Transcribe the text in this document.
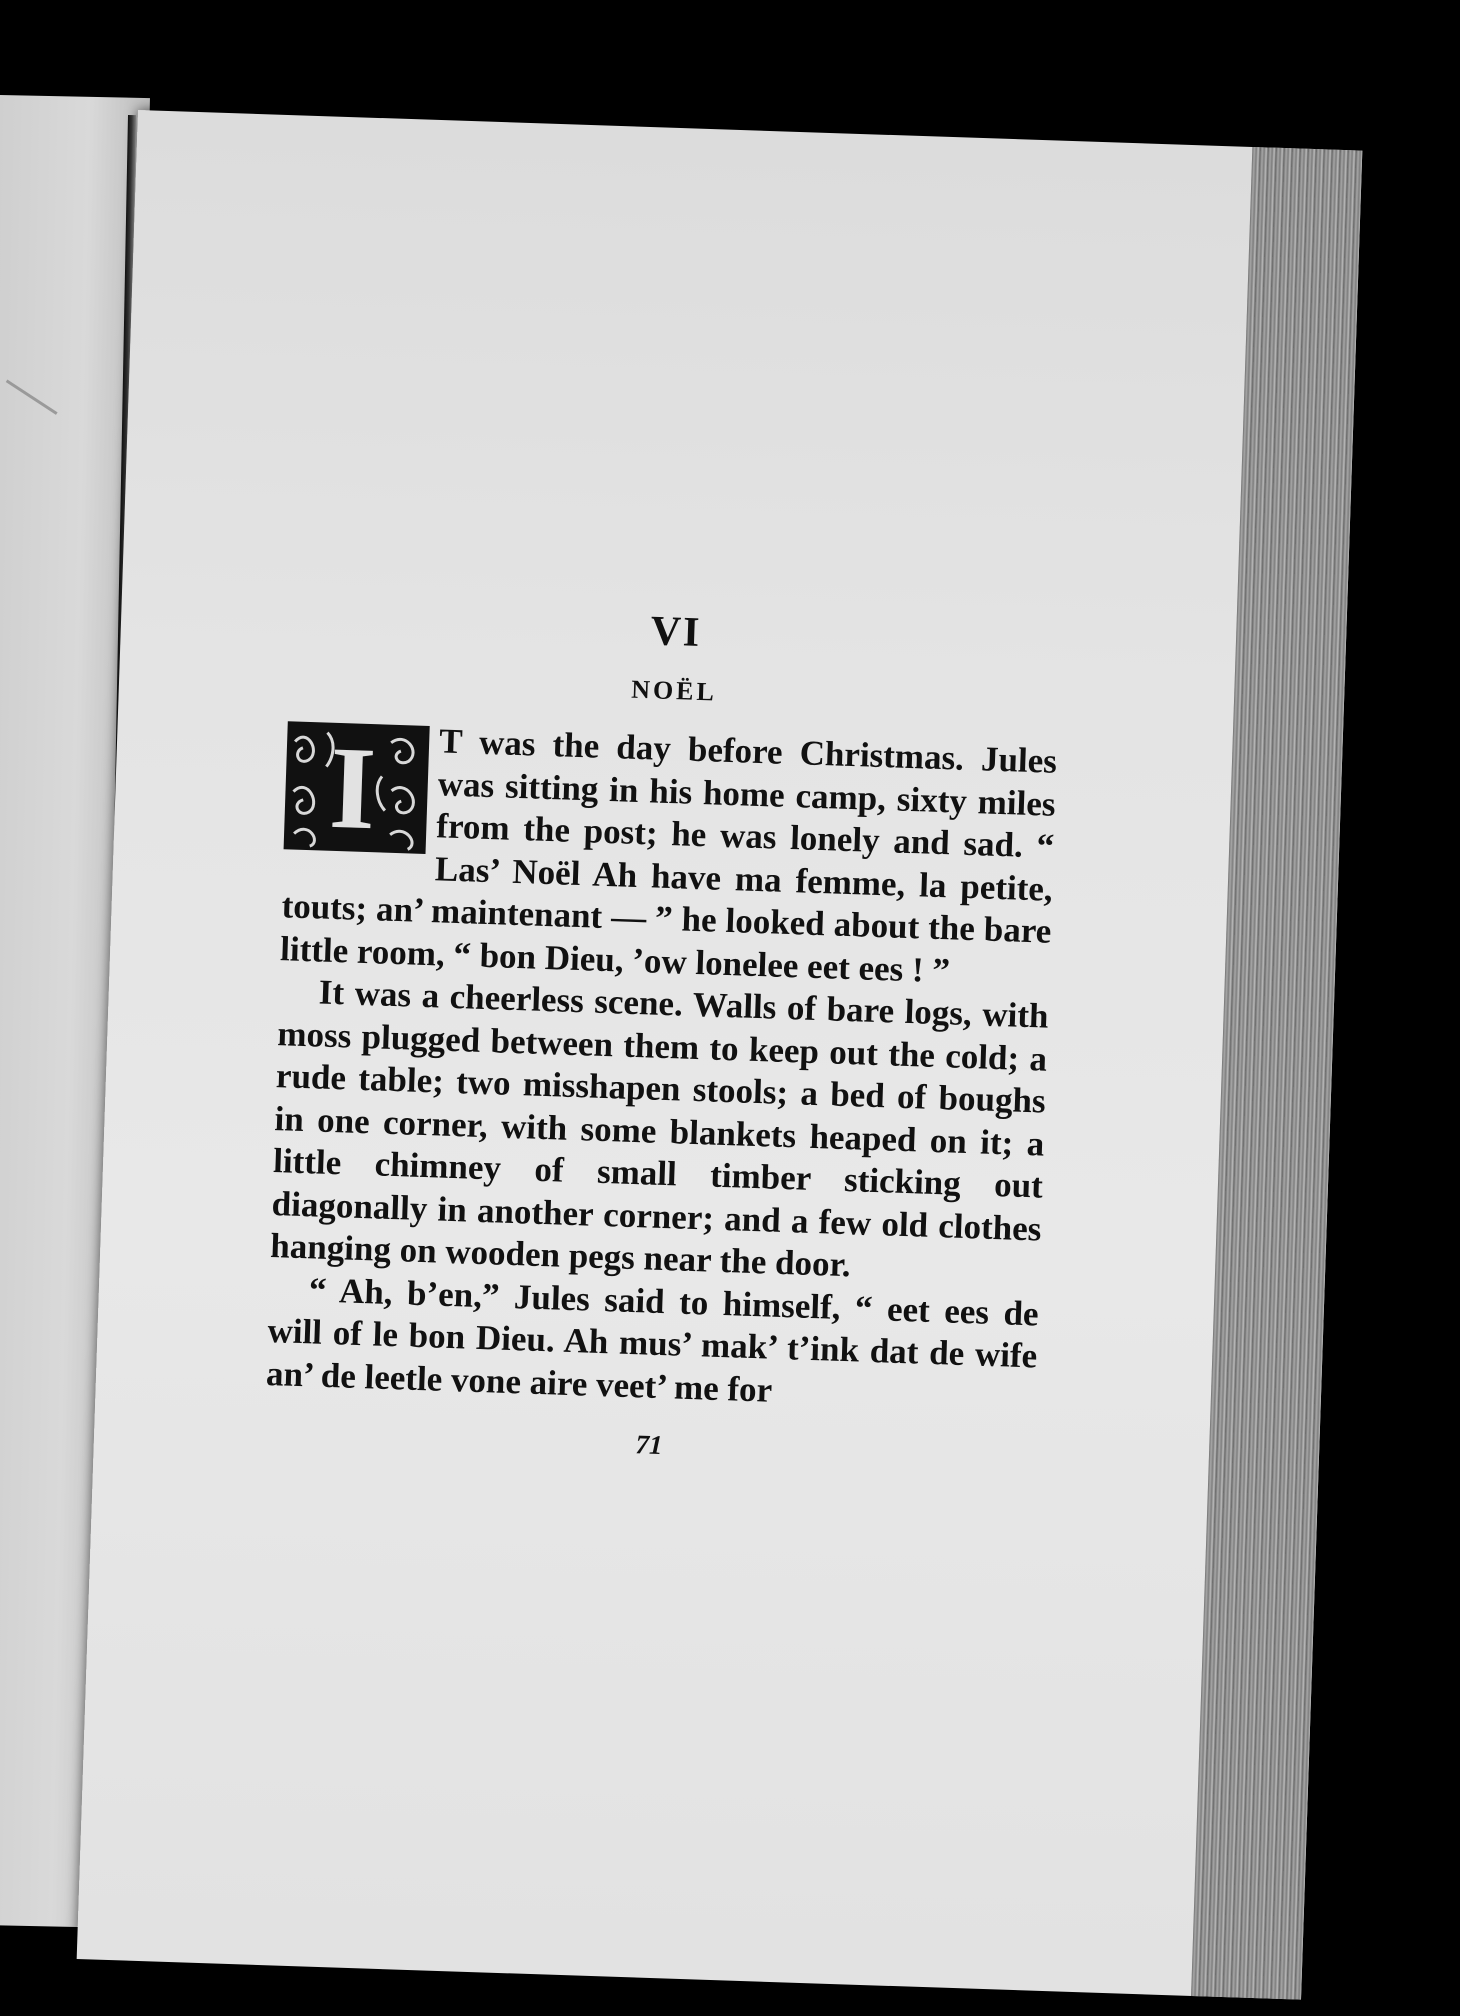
VI
NOËL

I T was the day before Christmas. Jules was sitting in his home camp, sixty miles from the post; he was lonely and sad. “ Las’ Noël Ah have ma femme, la petite, touts; an’ maintenant — ” he looked about the bare little room, “ bon Dieu, ’ow lonelee eet ees ! ”

It was a cheerless scene. Walls of bare logs, with moss plugged between them to keep out the cold; a rude table; two misshapen stools; a bed of boughs in one corner, with some blankets heaped on it; a little chimney of small timber sticking out diagonally in another corner; and a few old clothes hanging on wooden pegs near the door.

“ Ah, b’en,” Jules said to himself, “ eet ees de will of le bon Dieu. Ah mus’ mak’ t’ink dat de wife an’ de leetle vone aire veet’ me for

71
